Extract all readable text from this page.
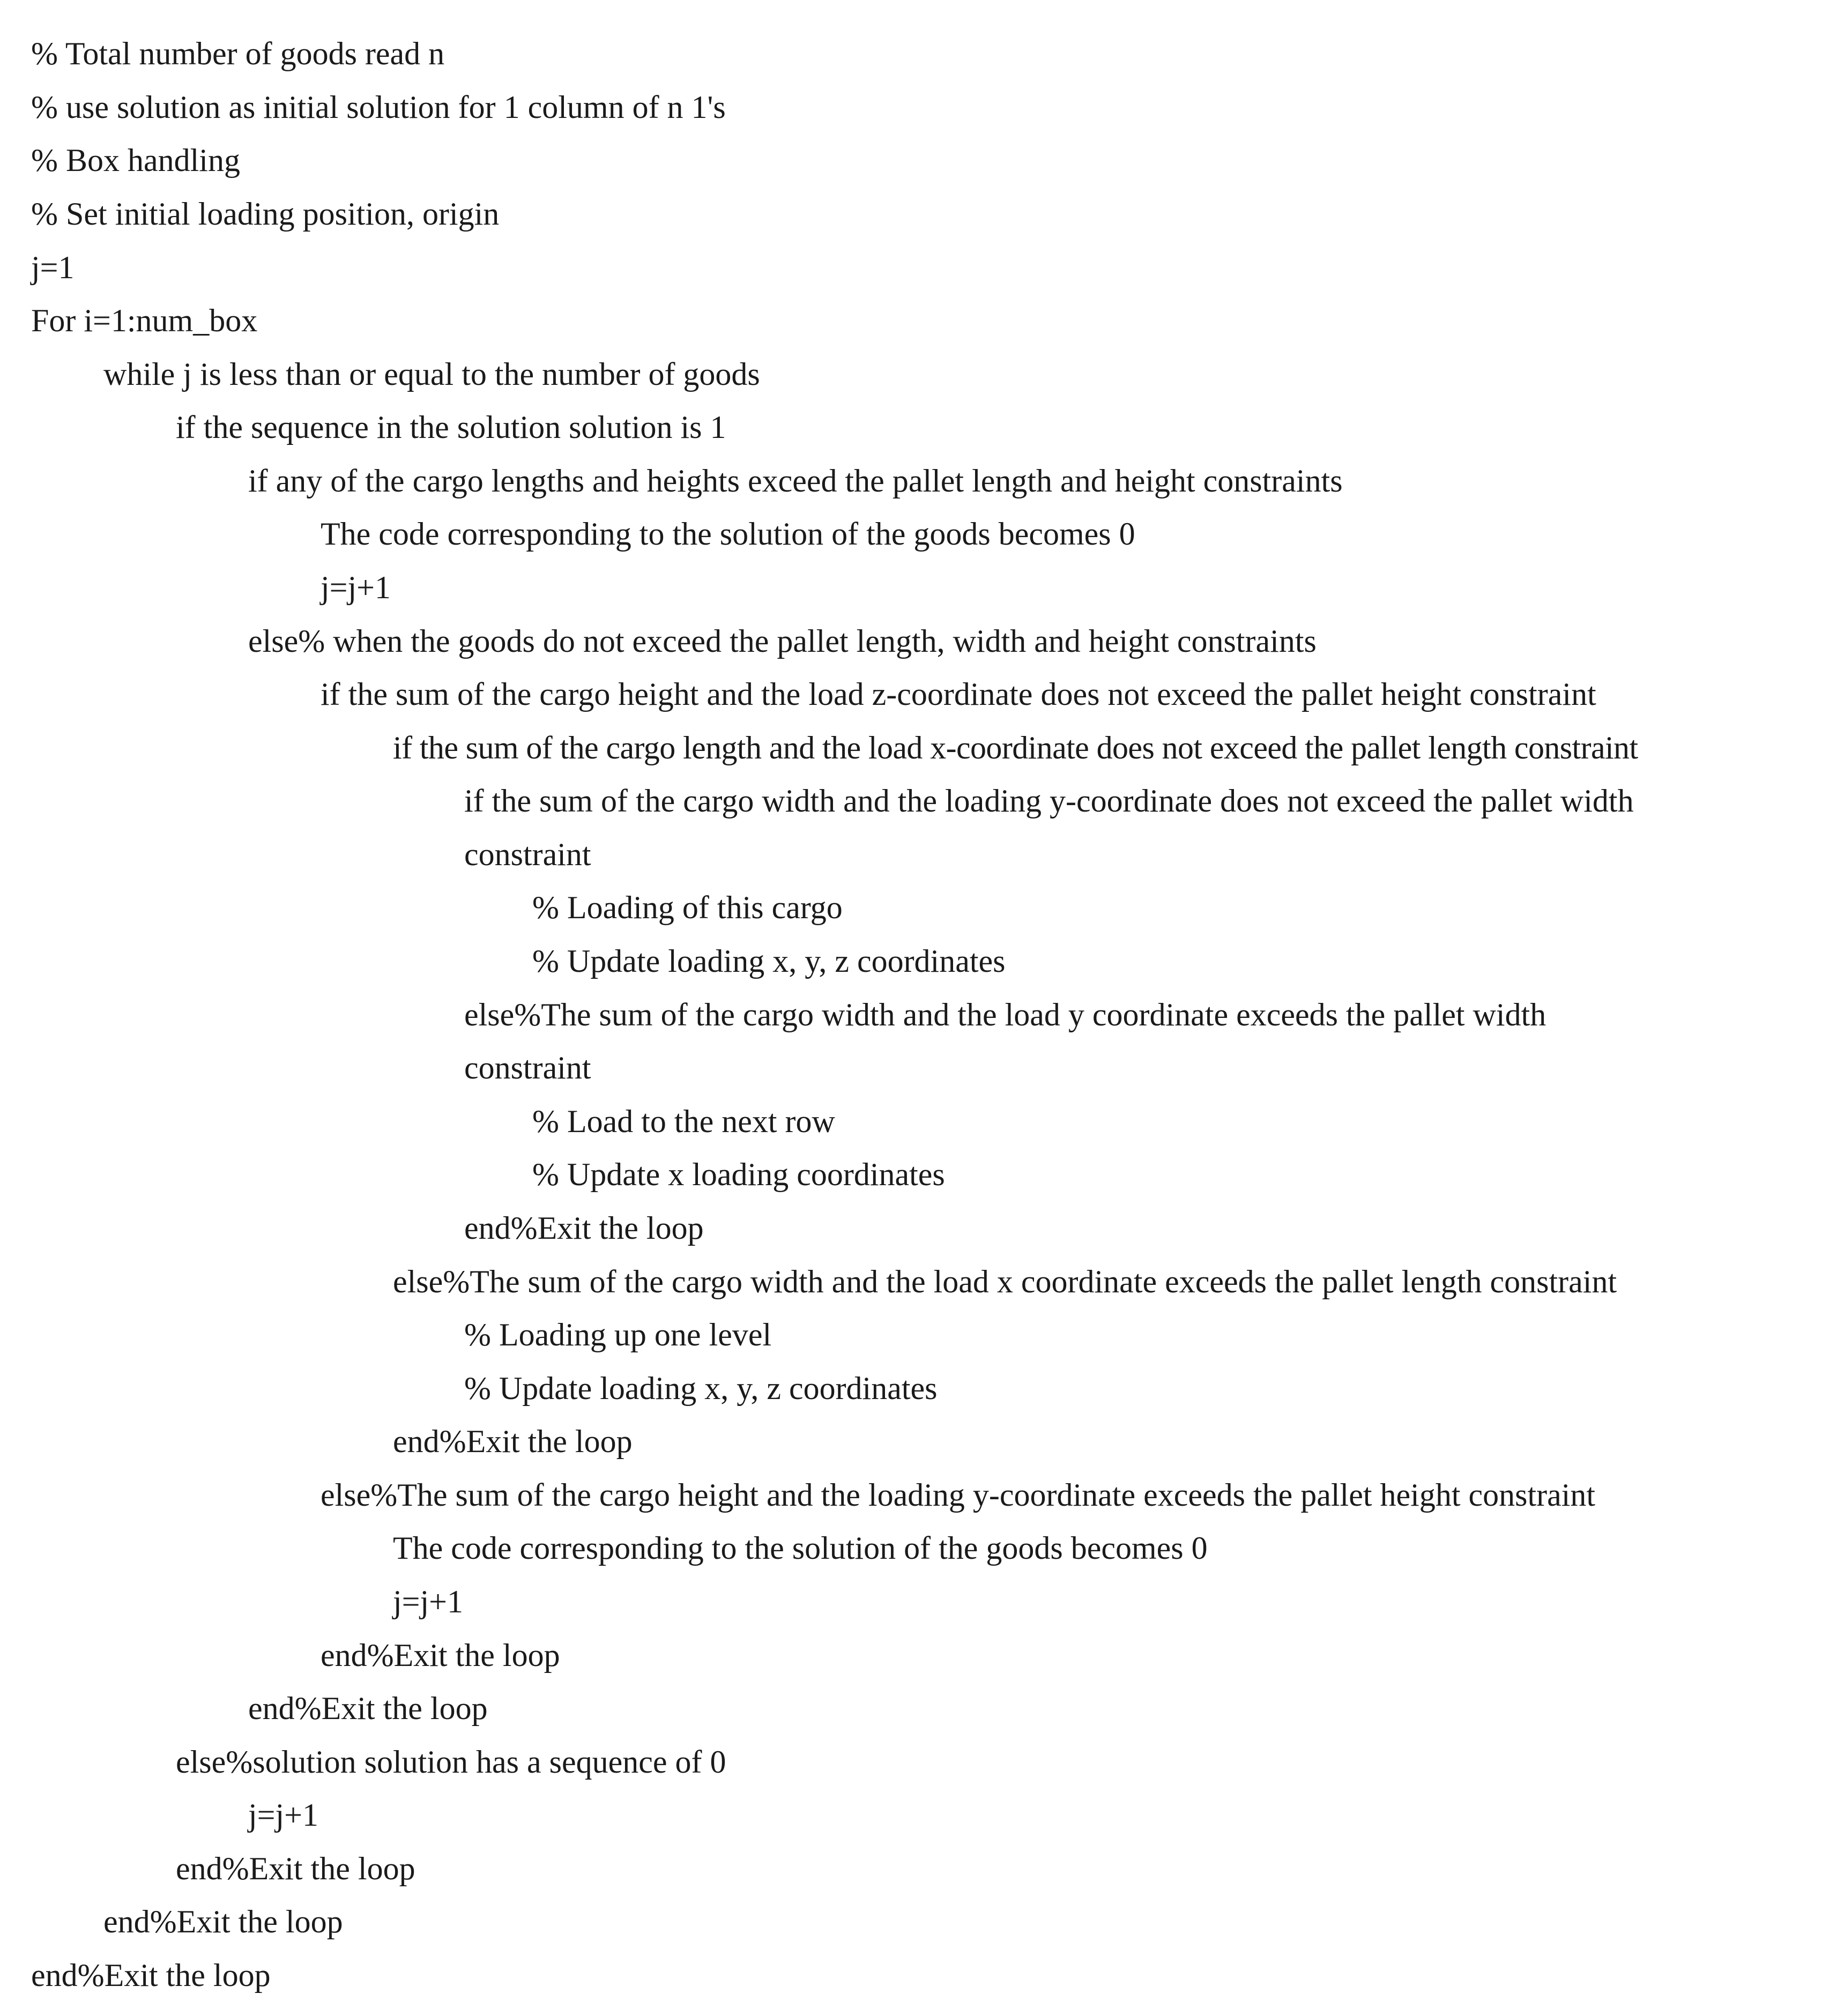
% Total number of goods read n
% use solution as initial solution for 1 column of n 1's
% Box handling
% Set initial loading position, origin
j=1
For i=1:num_box
while j is less than or equal to the number of goods
if the sequence in the solution solution is 1
if any of the cargo lengths and heights exceed the pallet length and height constraints
The code corresponding to the solution of the goods becomes 0
j=j+1
else% when the goods do not exceed the pallet length, width and height constraints
if the sum of the cargo height and the load z-coordinate does not exceed the pallet height constraint
if the sum of the cargo length and the load x-coordinate does not exceed the pallet length constraint
if the sum of the cargo width and the loading y-coordinate does not exceed the pallet width
constraint
% Loading of this cargo
% Update loading x, y, z coordinates
else%The sum of the cargo width and the load y coordinate exceeds the pallet width
constraint
% Load to the next row
% Update x loading coordinates
end%Exit the loop
else%The sum of the cargo width and the load x coordinate exceeds the pallet length constraint
% Loading up one level
% Update loading x, y, z coordinates
end%Exit the loop
else%The sum of the cargo height and the loading y-coordinate exceeds the pallet height constraint
The code corresponding to the solution of the goods becomes 0
j=j+1
end%Exit the loop
end%Exit the loop
else%solution solution has a sequence of 0
j=j+1
end%Exit the loop
end%Exit the loop
end%Exit the loop
